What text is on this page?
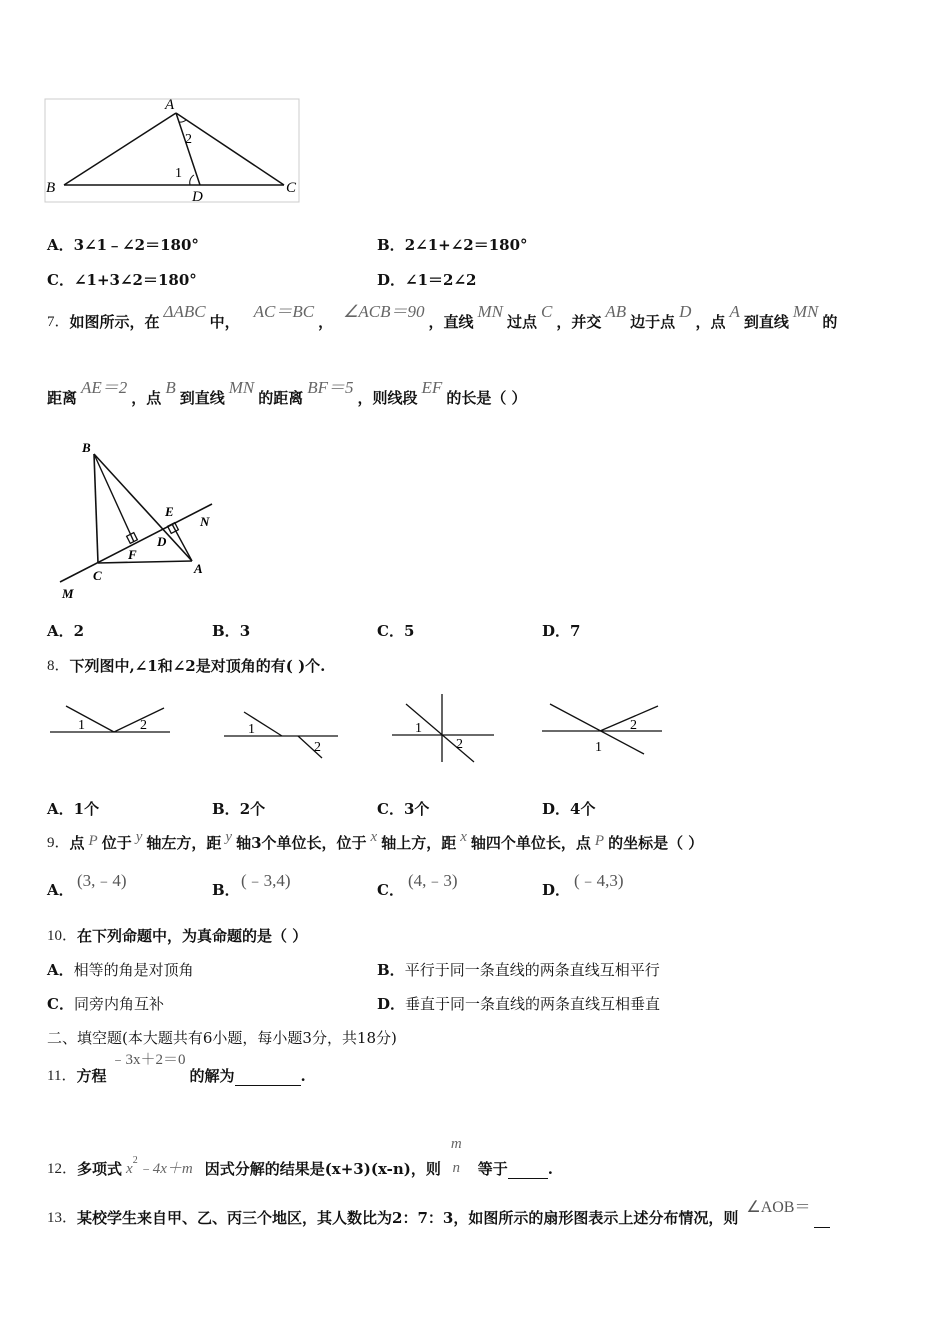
A
B	C
D
1
2
A．3∠1﹣∠2＝180°	B．2∠1+∠2＝180°
C．∠1+3∠2＝180°	D．∠1＝2∠2
7． 如图所示，在
ΔABC
中，
AC＝BC
，
∠ACB＝90
，直线
MN
过点
C
，并交
AB
边于点
D
，点
A
到直线
MN
的
距离
AE＝2
，点
B
到直线
MN
的距离
BF＝5
，则线段
EF
的长是（ ）
B
E
N
D
F
C	A
M
A．2	B．3	C．5	D．7
8． 下列图中,∠1和∠2是对顶角的有( )个.
1	2	1
2
1
2
2
1
A．1个	B．2个	C．3个	D．4个
9． 点 P 位于 y 轴左方，距 y 轴3个单位长，位于 x 轴上方，距 x 轴四个单位长，点 P 的坐标是（ ）
A． (3,﹣4)	B． (﹣3,4)	C． (4,﹣3)	D． (﹣4,3)
10． 在下列命题中，为真命题的是（ ）
A．相等的角是对顶角	B．平行于同一条直线的两条直线互相平行
C．同旁内角互补	D．垂直于同一条直线的两条直线互相垂直
二、填空题(本大题共有6小题，每小题3分，共18分)
11． 方程
﹣3x＋2＝0
的解为	.
12． 多项式 x
2
﹣4x＋m 因式分解的结果是(x+3)(x-n)，则
m
n 等于	.
13． 某校学生来自甲、乙、丙三个地区，其人数比为2：7：3，如图所示的扇形图表示上述分布情况，则
∠AOB＝
